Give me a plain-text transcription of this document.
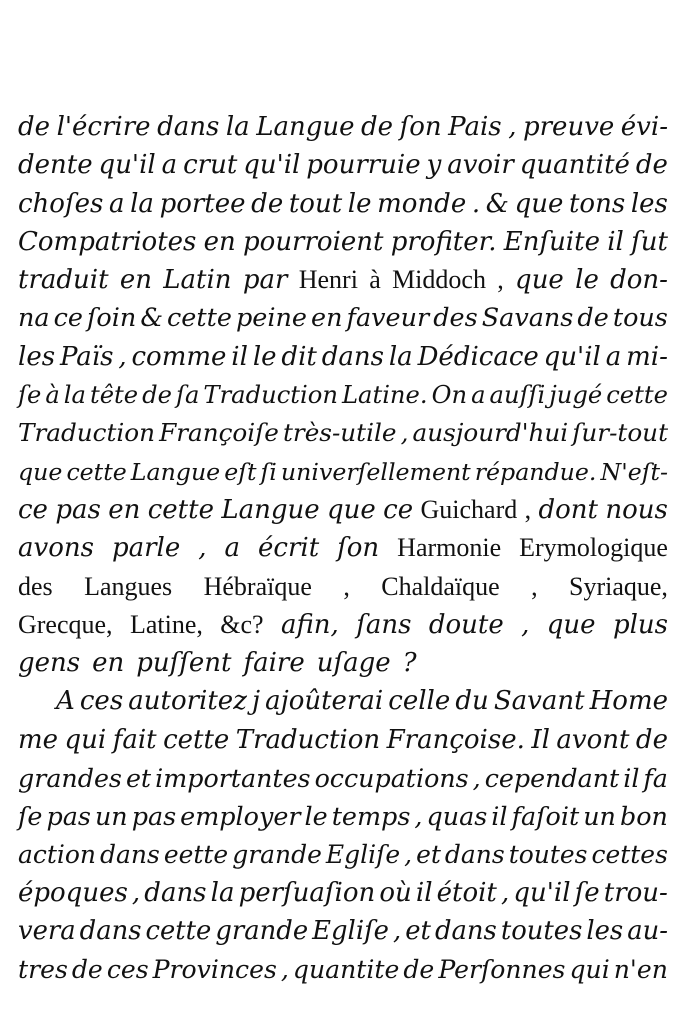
de l'écrire dans la Langue de ſon Pais , preuve évi-
dente qu'il a crut qu'il pourruie y avoir quantité de
choſes a la portee de tout le monde . & que tons les
Compatriotes en pourroient profiter. Enſuite il ſut
traduit en Latin par Henri à Middoch , que le don-
na ce ſoin & cette peine en faveur des Savans de tous
les Païs , comme il le dit dans la Dédicace qu'il a mi-
ſe à la tête de ſa Traduction Latine. On a auſſi jugé cette
Traduction Françoiſe très-utile , ausjourd'hui ſur-tout
que cette Langue eſt ſi univerſellement répandue. N'eſt-
ce pas en cette Langue que ce Guichard , dont nous
avons parle , a écrit ſon Harmonie Erymologique
des Langues Hébraïque , Chaldaïque , Syriaque,
Grecque, Latine, &c? afin, ſans doute , que plus
gens en puſſent faire uſage ?
A ces autoritez j ajoûterai celle du Savant Home
me qui fait cette Traduction Françoise. Il avont de
grandes et importantes occupations , cependant il fa
ſe pas un pas employer le temps , quas il faſoit un bon
action dans eette grande Egliſe , et dans toutes cettes
époques , dans la perſuaſion où il étoit , qu'il ſe trou-
vera dans cette grande Egliſe , et dans toutes les au-
tres de ces Provinces , quantite de Perſonnes qui n'en
